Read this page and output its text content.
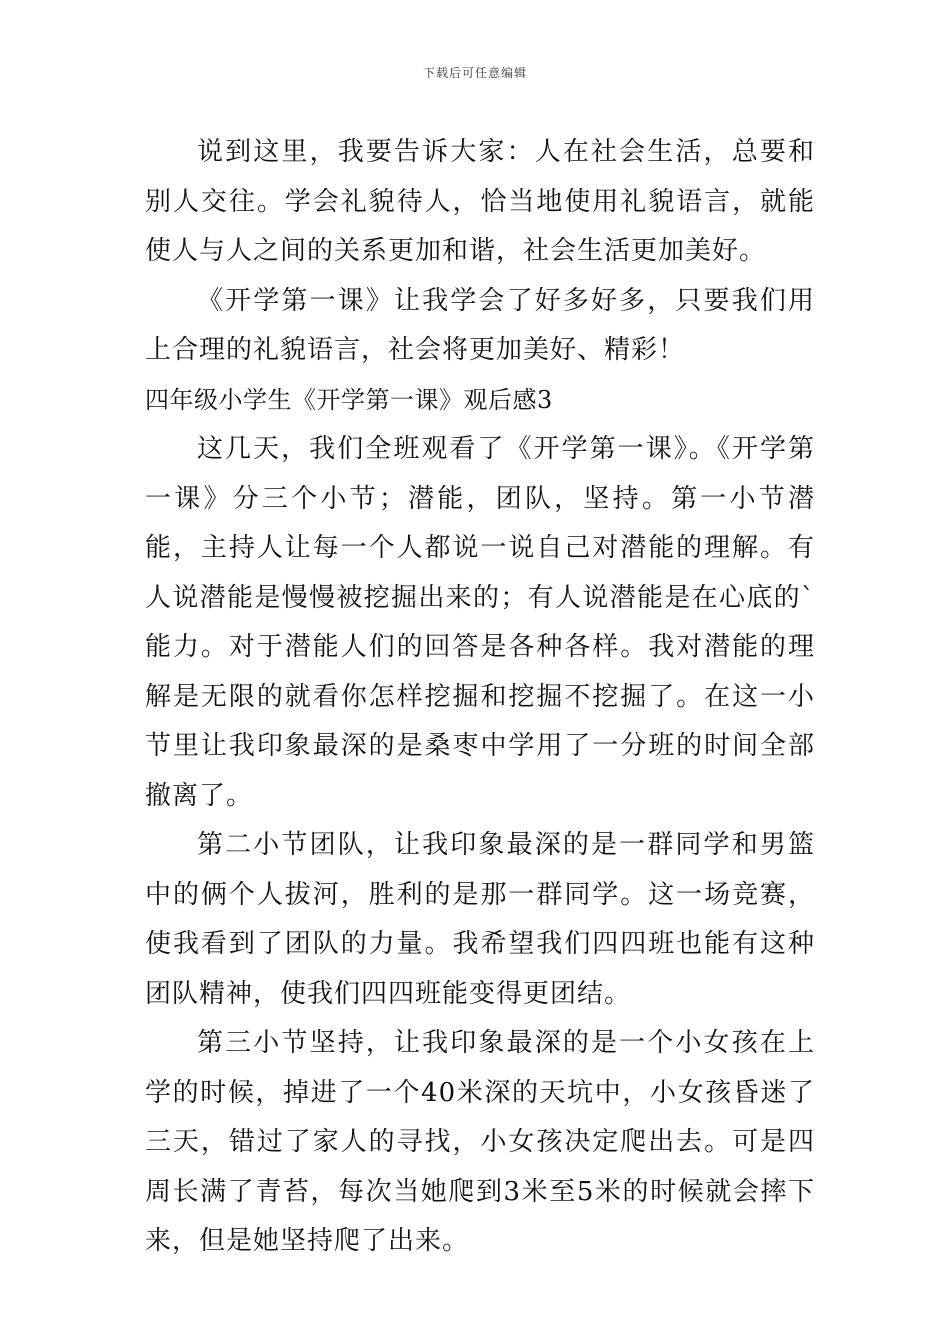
下载后可任意编辑

说到这里，我要告诉大家：人在社会生活，总要和别人交往。学会礼貌待人，恰当地使用礼貌语言，就能使人与人之间的关系更加和谐，社会生活更加美好。

《开学第一课》让我学会了好多好多，只要我们用上合理的礼貌语言，社会将更加美好、精彩！

四年级小学生《开学第一课》观后感3

这几天，我们全班观看了《开学第一课》。《开学第一课》分三个小节；潜能，团队，坚持。第一小节潜能，主持人让每一个人都说一说自己对潜能的理解。有人说潜能是慢慢被挖掘出来的；有人说潜能是在心底的`能力。对于潜能人们的回答是各种各样。我对潜能的理解是无限的就看你怎样挖掘和挖掘不挖掘了。在这一小节里让我印象最深的是桑枣中学用了一分班的时间全部撤离了。

第二小节团队，让我印象最深的是一群同学和男篮中的俩个人拔河，胜利的是那一群同学。这一场竞赛，使我看到了团队的力量。我希望我们四四班也能有这种团队精神，使我们四四班能变得更团结。

第三小节坚持，让我印象最深的是一个小女孩在上学的时候，掉进了一个40米深的天坑中，小女孩昏迷了三天，错过了家人的寻找，小女孩决定爬出去。可是四周长满了青苔，每次当她爬到3米至5米的时候就会摔下来，但是她坚持爬了出来。
